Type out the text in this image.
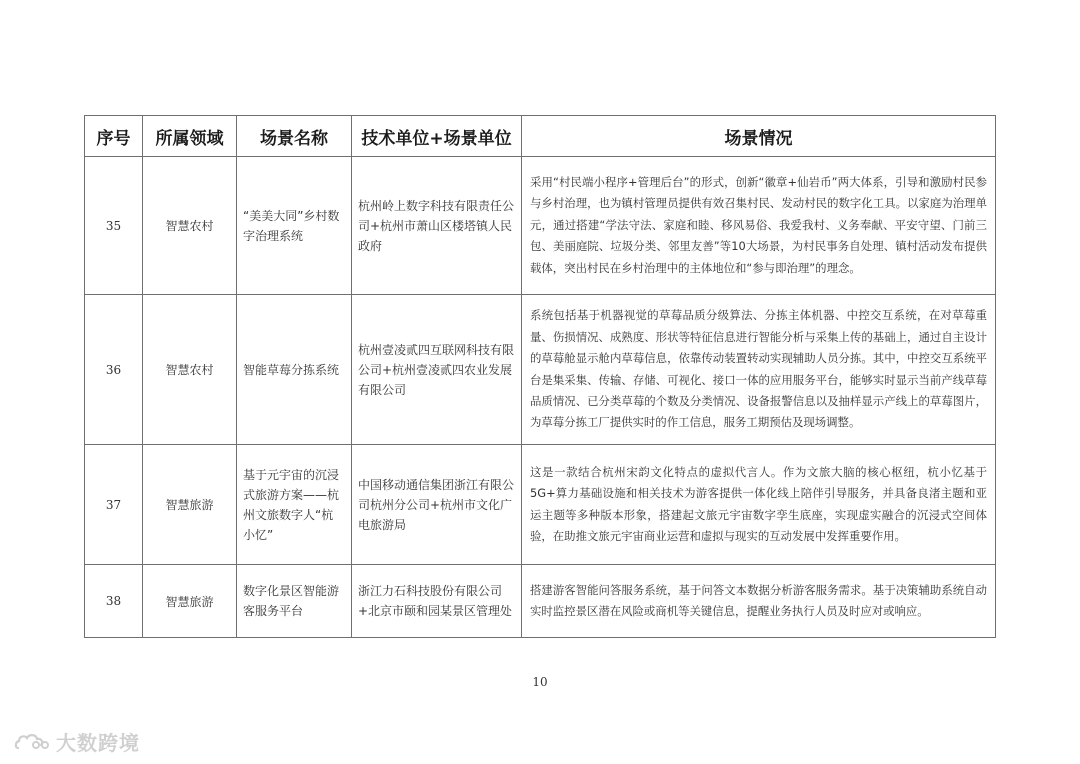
序号	所属领域	场景名称	技术单位+场景单位	场景情况
35	智慧农村	“美美大同”乡村数字治理系统	杭州岭上数字科技有限责任公司+杭州市萧山区楼塔镇人民政府	采用“村民端小程序+管理后台”的形式，创新“徽章+仙岩币”两大体系，引导和激励村民参与乡村治理，也为镇村管理员提供有效召集村民、发动村民的数字化工具。以家庭为治理单元，通过搭建“学法守法、家庭和睦、移风易俗、我爱我村、义务奉献、平安守望、门前三包、美丽庭院、垃圾分类、邻里友善”等10大场景，为村民事务自处理、镇村活动发布提供载体，突出村民在乡村治理中的主体地位和“参与即治理”的理念。
36	智慧农村	智能草莓分拣系统	杭州壹凌贰四互联网科技有限公司+杭州壹凌贰四农业发展有限公司	系统包括基于机器视觉的草莓品质分级算法、分拣主体机器、中控交互系统，在对草莓重量、伤损情况、成熟度、形状等特征信息进行智能分析与采集上传的基础上，通过自主设计的草莓舱显示舱内草莓信息，依靠传动装置转动实现辅助人员分拣。其中，中控交互系统平台是集采集、传输、存储、可视化、接口一体的应用服务平台，能够实时显示当前产线草莓品质情况、已分类草莓的个数及分类情况、设备报警信息以及抽样显示产线上的草莓图片，为草莓分拣工厂提供实时的作工信息，服务工期预估及现场调整。
37	智慧旅游	基于元宇宙的沉浸式旅游方案——杭州文旅数字人“杭小忆”	中国移动通信集团浙江有限公司杭州分公司+杭州市文化广电旅游局	这是一款结合杭州宋韵文化特点的虚拟代言人。作为文旅大脑的核心枢纽，杭小忆基于5G+算力基础设施和相关技术为游客提供一体化线上陪伴引导服务，并具备良渚主题和亚运主题等多种版本形象，搭建起文旅元宇宙数字孪生底座，实现虚实融合的沉浸式空间体验，在助推文旅元宇宙商业运营和虚拟与现实的互动发展中发挥重要作用。
38	智慧旅游	数字化景区智能游客服务平台	浙江力石科技股份有限公司+北京市颐和园某景区管理处	搭建游客智能问答服务系统，基于问答文本数据分析游客服务需求。基于决策辅助系统自动实时监控景区潜在风险或商机等关键信息，提醒业务执行人员及时应对或响应。
10
大数跨境
